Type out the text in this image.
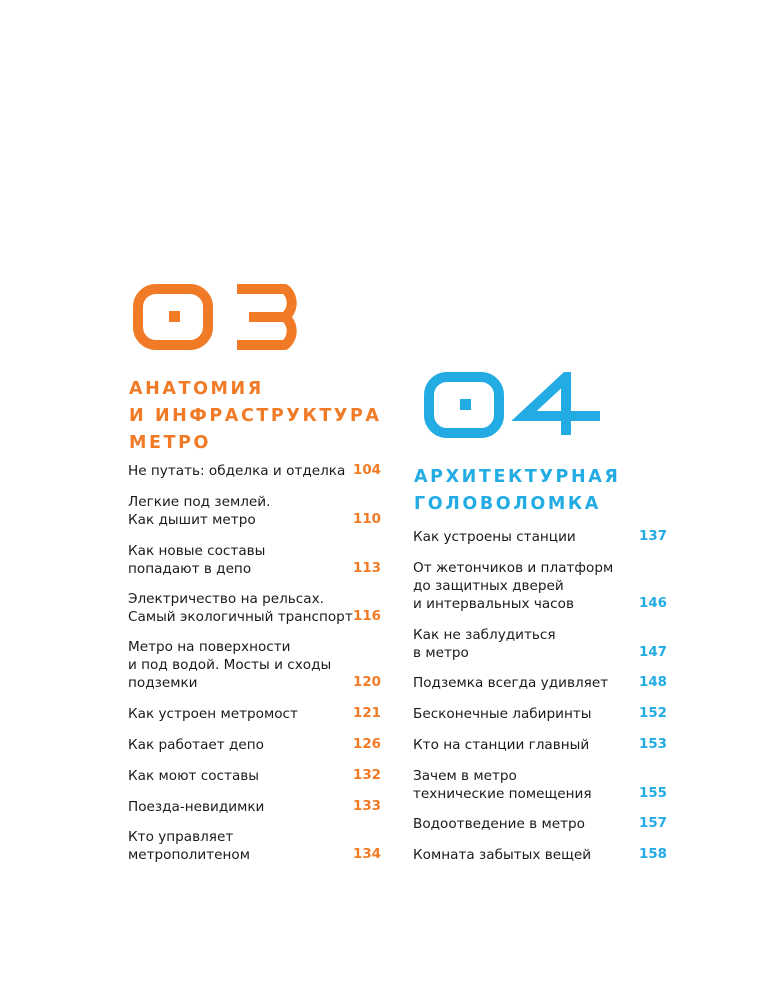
АНАТОМИЯ
И ИНФРАСТРУКТУРА
МЕТРО
Не путать: обделка и отделка 104
Легкие под землей.
Как дышит метро	110
Как новые составы
попадают в депо	113
Электричество на рельсах.
Самый экологичный транспорт 116
Метро на поверхности
и под водой. Мосты и сходы
подземки	120
Как устроен метромост	121
Как работает депо	126
Как моют составы	132
Поезда-невидимки	133
Кто управляет
метрополитеном	134
АРХИТЕКТУРНАЯ
ГОЛОВОЛОМКА
Как устроены станции	137
От жетончиков и платформ
до защитных дверей
и интервальных часов	146
Как не заблудиться
в метро	147
Подземка всегда удивляет 148
Бесконечные лабиринты	152
Кто на станции главный	153
Зачем в метро
технические помещения	155
Водоотведение в метро	157
Комната забытых вещей	158
